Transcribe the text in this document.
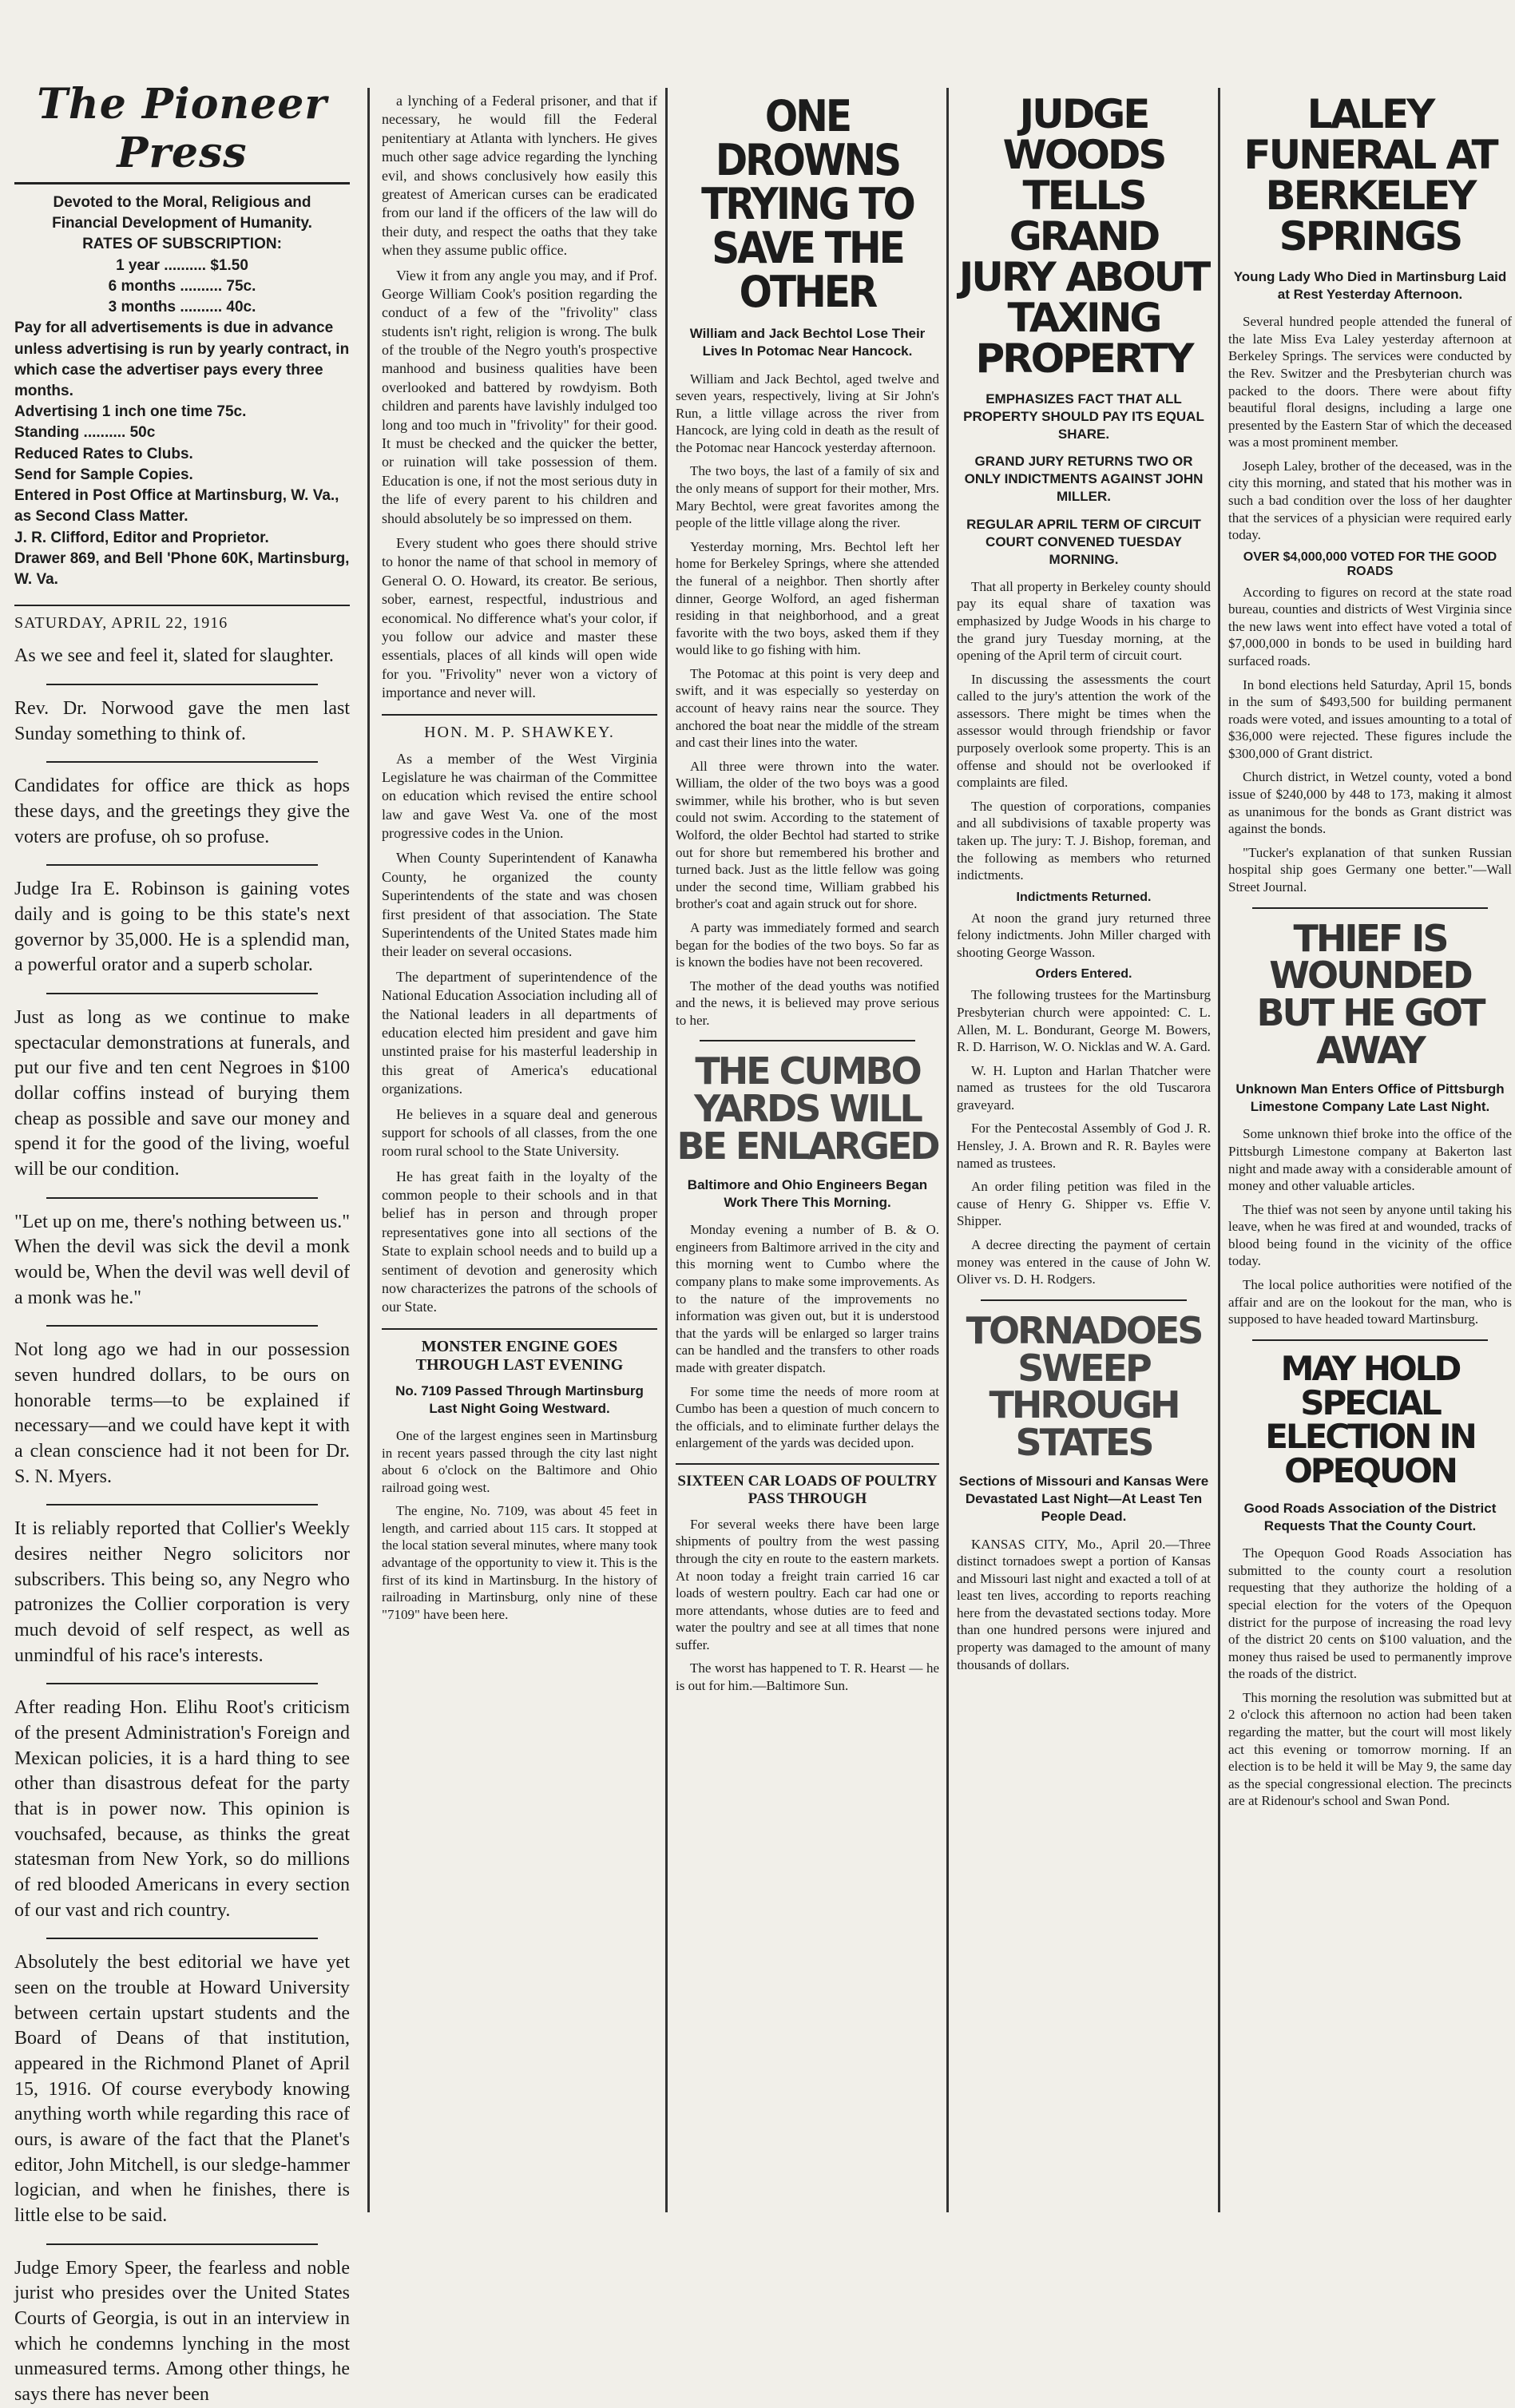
The Pioneer Press
Devoted to the Moral, Religious and
Financial Development of Humanity.
RATES OF SUBSCRIPTION:
1 year .......... $1.50
6 months .......... 75c.
3 months .......... 40c.
Pay for all advertisements is due in advance unless advertising is run by yearly contract, in which case the advertiser pays every three months.
Advertising 1 inch one time 75c.
Standing .......... 50c
Reduced Rates to Clubs.
Send for Sample Copies.
Entered in Post Office at Martinsburg, W. Va., as Second Class Matter.
J. R. Clifford, Editor and Proprietor.
Drawer 869, and Bell 'Phone 60K, Martinsburg, W. Va.
SATURDAY, APRIL 22, 1916

As we see and feel it, slated for slaughter.

Rev. Dr. Norwood gave the men last Sunday something to think of.

Candidates for office are thick as hops these days, and the greetings they give the voters are profuse, oh so profuse.

Judge Ira E. Robinson is gaining votes daily and is going to be this state's next governor by 35,000. He is a splendid man, a powerful orator and a superb scholar.

Just as long as we continue to make spectacular demonstrations at funerals, and put our five and ten cent Negroes in $100 dollar coffins instead of burying them cheap as possible and save our money and spend it for the good of the living, woeful will be our condition.

"Let up on me, there's nothing between us." When the devil was sick the devil a monk would be, When the devil was well devil of a monk was he."

Not long ago we had in our possession seven hundred dollars, to be ours on honorable terms—to be explained if necessary—and we could have kept it with a clean conscience had it not been for Dr. S. N. Myers.

It is reliably reported that Collier's Weekly desires neither Negro solicitors nor subscribers. This being so, any Negro who patronizes the Collier corporation is very much devoid of self respect, as well as unmindful of his race's interests.

After reading Hon. Elihu Root's criticism of the present Administration's Foreign and Mexican policies, it is a hard thing to see other than disastrous defeat for the party that is in power now. This opinion is vouchsafed, because, as thinks the great statesman from New York, so do millions of red blooded Americans in every section of our vast and rich country.

Absolutely the best editorial we have yet seen on the trouble at Howard University between certain upstart students and the Board of Deans of that institution, appeared in the Richmond Planet of April 15, 1916. Of course everybody knowing anything worth while regarding this race of ours, is aware of the fact that the Planet's editor, John Mitchell, is our sledge-hammer logician, and when he finishes, there is little else to be said.

Judge Emory Speer, the fearless and noble jurist who presides over the United States Courts of Georgia, is out in an interview in which he condemns lynching in the most unmeasured terms. Among other things, he says there has never been

a lynching of a Federal prisoner, and that if necessary, he would fill the Federal penitentiary at Atlanta with lynchers. He gives much other sage advice regarding the lynching evil, and shows conclusively how easily this greatest of American curses can be eradicated from our land if the officers of the law will do their duty, and respect the oaths that they take when they assume public office.

View it from any angle you may, and if Prof. George William Cook's position regarding the conduct of a few of the "frivolity" class students isn't right, religion is wrong. The bulk of the trouble of the Negro youth's prospective manhood and business qualities have been overlooked and battered by rowdyism. Both children and parents have lavishly indulged too long and too much in "frivolity" for their good. It must be checked and the quicker the better, or ruination will take possession of them. Education is one, if not the most serious duty in the life of every parent to his children and should absolutely be so impressed on them.

Every student who goes there should strive to honor the name of that school in memory of General O. O. Howard, its creator. Be serious, sober, earnest, respectful, industrious and economical. No difference what's your color, if you follow our advice and master these essentials, places of all kinds will open wide for you. "Frivolity" never won a victory of importance and never will.

HON. M. P. SHAWKEY.

As a member of the West Virginia Legislature he was chairman of the Committee on education which revised the entire school law and gave West Va. one of the most progressive codes in the Union.

When County Superintendent of Kanawha County, he organized the county Superintendents of the state and was chosen first president of that association. The State Superintendents of the United States made him their leader on several occasions.

The department of superintendence of the National Education Association including all of the National leaders in all departments of education elected him president and gave him unstinted praise for his masterful leadership in this great of America's educational organizations.

He believes in a square deal and generous support for schools of all classes, from the one room rural school to the State University.

He has great faith in the loyalty of the common people to their schools and in that belief has in person and through proper representatives gone into all sections of the State to explain school needs and to build up a sentiment of devotion and generosity which now characterizes the patrons of the schools of our State.

MONSTER ENGINE GOES THROUGH LAST EVENING
No. 7109 Passed Through Martinsburg Last Night Going Westward.

One of the largest engines seen in Martinsburg in recent years passed through the city last night about 6 o'clock on the Baltimore and Ohio railroad going west.

The engine, No. 7109, was about 45 feet in length, and carried about 115 cars. It stopped at the local station several minutes, where many took advantage of the opportunity to view it. This is the first of its kind in Martinsburg. In the history of railroading in Martinsburg, only nine of these "7109" have been here.

ONE DROWNS TRYING TO SAVE THE OTHER
William and Jack Bechtol Lose Their Lives In Potomac Near Hancock.

William and Jack Bechtol, aged twelve and seven years, respectively, living at Sir John's Run, a little village across the river from Hancock, are lying cold in death as the result of the Potomac near Hancock yesterday afternoon.

The two boys, the last of a family of six and the only means of support for their mother, Mrs. Mary Bechtol, were great favorites among the people of the little village along the river.

Yesterday morning, Mrs. Bechtol left her home for Berkeley Springs, where she attended the funeral of a neighbor. Then shortly after dinner, George Wolford, an aged fisherman residing in that neighborhood, and a great favorite with the two boys, asked them if they would like to go fishing with him.

The Potomac at this point is very deep and swift, and it was especially so yesterday on account of heavy rains near the source. They anchored the boat near the middle of the stream and cast their lines into the water.

All three were thrown into the water. William, the older of the two boys was a good swimmer, while his brother, who is but seven could not swim. According to the statement of Wolford, the older Bechtol had started to strike out for shore but remembered his brother and turned back. Just as the little fellow was going under the second time, William grabbed his brother's coat and again struck out for shore.

A party was immediately formed and search began for the bodies of the two boys. So far as is known the bodies have not been recovered.

The mother of the dead youths was notified and the news, it is believed may prove serious to her.

THE CUMBO YARDS WILL BE ENLARGED
Baltimore and Ohio Engineers Began Work There This Morning.

Monday evening a number of B. & O. engineers from Baltimore arrived in the city and this morning went to Cumbo where the company plans to make some improvements. As to the nature of the improvements no information was given out, but it is understood that the yards will be enlarged so larger trains can be handled and the transfers to other roads made with greater dispatch.

For some time the needs of more room at Cumbo has been a question of much concern to the officials, and to eliminate further delays the enlargement of the yards was decided upon.

SIXTEEN CAR LOADS OF POULTRY PASS THROUGH

For several weeks there have been large shipments of poultry from the west passing through the city en route to the eastern markets. At noon today a freight train carried 16 car loads of western poultry. Each car had one or more attendants, whose duties are to feed and water the poultry and see at all times that none suffer.

The worst has happened to T. R. Hearst — he is out for him.—Baltimore Sun.

JUDGE WOODS TELLS GRAND JURY ABOUT TAXING PROPERTY
EMPHASIZES FACT THAT ALL PROPERTY SHOULD PAY ITS EQUAL SHARE.
GRAND JURY RETURNS TWO OR ONLY INDICTMENTS AGAINST JOHN MILLER.
REGULAR APRIL TERM OF CIRCUIT COURT CONVENED TUESDAY MORNING.

That all property in Berkeley county should pay its equal share of taxation was emphasized by Judge Woods in his charge to the grand jury Tuesday morning, at the opening of the April term of circuit court.

In discussing the assessments the court called to the jury's attention the work of the assessors. There might be times when the assessor would through friendship or favor purposely overlook some property. This is an offense and should not be overlooked if complaints are filed.

The question of corporations, companies and all subdivisions of taxable property was taken up. The jury: T. J. Bishop, foreman, and the following as members who returned indictments.

Indictments Returned.

At noon the grand jury returned three felony indictments. John Miller charged with shooting George Wasson.

Orders Entered.

The following trustees for the Martinsburg Presbyterian church were appointed: C. L. Allen, M. L. Bondurant, George M. Bowers, R. D. Harrison, W. O. Nicklas and W. A. Gard.

W. H. Lupton and Harlan Thatcher were named as trustees for the old Tuscarora graveyard.

For the Pentecostal Assembly of God J. R. Hensley, J. A. Brown and R. R. Bayles were named as trustees.

An order filing petition was filed in the cause of Henry G. Shipper vs. Effie V. Shipper.

A decree directing the payment of certain money was entered in the cause of John W. Oliver vs. D. H. Rodgers.

TORNADOES SWEEP THROUGH STATES
Sections of Missouri and Kansas Were Devastated Last Night—At Least Ten People Dead.

KANSAS CITY, Mo., April 20.—Three distinct tornadoes swept a portion of Kansas and Missouri last night and exacted a toll of at least ten lives, according to reports reaching here from the devastated sections today. More than one hundred persons were injured and property was damaged to the amount of many thousands of dollars.

LALEY FUNERAL AT BERKELEY SPRINGS
Young Lady Who Died in Martinsburg Laid at Rest Yesterday Afternoon.

Several hundred people attended the funeral of the late Miss Eva Laley yesterday afternoon at Berkeley Springs. The services were conducted by the Rev. Switzer and the Presbyterian church was packed to the doors. There were about fifty beautiful floral designs, including a large one presented by the Eastern Star of which the deceased was a most prominent member.

Joseph Laley, brother of the deceased, was in the city this morning, and stated that his mother was in such a bad condition over the loss of her daughter that the services of a physician were required early today.

OVER $4,000,000 VOTED FOR THE GOOD ROADS

According to figures on record at the state road bureau, counties and districts of West Virginia since the new laws went into effect have voted a total of $7,000,000 in bonds to be used in building hard surfaced roads.

In bond elections held Saturday, April 15, bonds in the sum of $493,500 for building permanent roads were voted, and issues amounting to a total of $36,000 were rejected. These figures include the $300,000 of Grant district.

Church district, in Wetzel county, voted a bond issue of $240,000 by 448 to 173, making it almost as unanimous for the bonds as Grant district was against the bonds.

"Tucker's explanation of that sunken Russian hospital ship goes Germany one better."—Wall Street Journal.

THIEF IS WOUNDED BUT HE GOT AWAY
Unknown Man Enters Office of Pittsburgh Limestone Company Late Last Night.

Some unknown thief broke into the office of the Pittsburgh Limestone company at Bakerton last night and made away with a considerable amount of money and other valuable articles.

The thief was not seen by anyone until taking his leave, when he was fired at and wounded, tracks of blood being found in the vicinity of the office today.

The local police authorities were notified of the affair and are on the lookout for the man, who is supposed to have headed toward Martinsburg.

MAY HOLD SPECIAL ELECTION IN OPEQUON
Good Roads Association of the District Requests That the County Court.

The Opequon Good Roads Association has submitted to the county court a resolution requesting that they authorize the holding of a special election for the voters of the Opequon district for the purpose of increasing the road levy of the district 20 cents on $100 valuation, and the money thus raised be used to permanently improve the roads of the district.

This morning the resolution was submitted but at 2 o'clock this afternoon no action had been taken regarding the matter, but the court will most likely act this evening or tomorrow morning. If an election is to be held it will be May 9, the same day as the special congressional election. The precincts are at Ridenour's school and Swan Pond.
